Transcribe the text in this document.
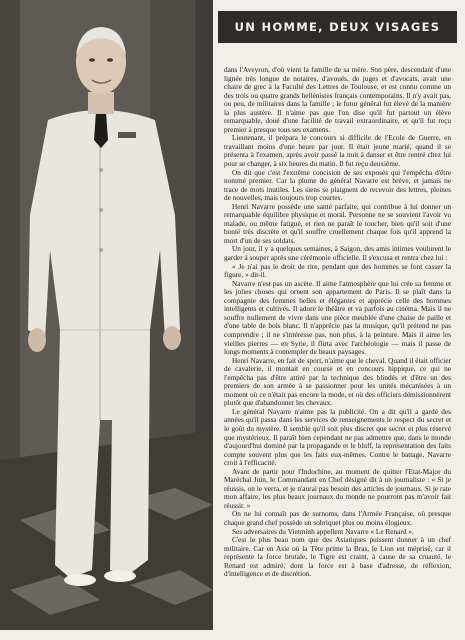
UN HOMME, DEUX VISAGES

dans l'Aveyron, d'où vient la famille de sa mère. Son père, descendant d'une lignée très longue de notaires, d'avoués, de juges et d'avocats, avait une chaire de grec à la Faculté des Lettres de Toulouse, et est connu comme un des trois ou quatre grands hellénistes français contemporains. Il n'y avait pas, ou peu, de militaires dans la famille ; le futur général fut élevé de la manière la plus austère. Il n'aime pas que l'on dise qu'il fut partout un élève remarquable, doué d'une facilité de travail extraordinaire, et qu'il fut reçu premier à presque tous ses examens.

Lieutenant, il prépara le concours si difficile de l'Ecole de Guerre, en travaillant moins d'une heure par jour. Il était jeune marié, quand il se présenta à l'examen, après avoir passé la nuit à danser et être rentré chez lui pour se changer, à six heures du matin. Il fut reçu deuxième.

On dit que c'est l'extrême concision de ses exposés qui l'empêcha d'être nommé premier. Car la plume du général Navarre est brève, et jamais ne trace de mots inutiles. Les siens se plaignent de recevoir des lettres, pleines de nouvelles, mais toujours trop courtes.

Henri Navarre possède une santé parfaite, qui contribue à lui donner un remarquable équilibre physique et moral. Personne ne se souvient l'avoir vu malade, ou même fatigué, et rien ne paraît le toucher, bien qu'il soit d'une bonté très discrète et qu'il souffre cruellement chaque fois qu'il apprend la mort d'un de ses soldats.

Un jour, il y a quelques semaines, à Saigon, des amis intimes voulurent le garder à souper après une cérémonie officielle. Il s'excusa et rentra chez lui :

« Je n'ai pas le droit de rire, pendant que des hommes se font casser la figure, » dit-il.

Navarre n'est pas un ascète. Il aime l'atmosphère que lui crée sa femme et les jolies choses qui ornent son appartement de Paris. Il se plaît dans la compagnie des femmes belles et élégantes et apprécie celle des hommes intelligents et cultivés. Il adore le théâtre et va parfois au cinéma. Mais il ne souffre nullement de vivre dans une pièce meublée d'une chaise de paille et d'une table de bois blanc. Il n'apprécie pas la musique, qu'il prétend ne pas comprendre ; il ne s'intéresse pas, non plus, à la peinture. Mais il aime les vieilles pierres — en Syrie, il flirta avec l'archéologie — mais il passe de longs moments à contempler de beaux paysages.

Henri Navarre, en fait de sport, n'aime que le cheval. Quand il était officier de cavalerie, il montait en course et en concours hippique, ce qui ne l'empêcha pas d'être attiré par la technique des blindés et d'être un des premiers de son armée à se passionner pour les unités mécanisées à un moment où ce n'était pas encore la mode, et où des officiers démissionnèrent plutôt que d'abandonner les chevaux.

Le général Navarre n'aime pas la publicité. On a dit qu'il a gardé des années qu'il passa dans les services de renseignements le respect du secret et le goût du mystère. Il semble qu'il soit plus discret que secret et plus réservé que mystérieux. Il paraît bien cependant ne pas admettre que, dans le monde d'aujourd'hui dominé par la propagande et le bluff, la représentation des faits compte souvent plus que les faits eux-mêmes. Contre le battage, Navarre croit à l'efficacité.

Avant de partir pour l'Indochine, au moment de quitter l'Etat-Major du Maréchal Juin, le Commandant en Chef désigné dit à un journaliste : « Si je réussis, on le verra, et je n'aurai pas besoin des articles de journaux. Si je rate mon affaire, les plus beaux journaux du monde ne pourront pas m'avoir fait réussir. »

On ne lui connaît pas de surnoms, dans l'Armée Française, où presque chaque grand chef possède un sobriquet plus ou moins élogieux.

Ses adversaires du Vietminh appellent Navarre « Le Renard ».

C'est le plus beau nom que des Asiatiques puissent donner à un chef militaire. Car en Asie où la Tête prime la Bras, le Lion est méprisé, car il représente la force brutale, le Tigre est craint, à cause de sa cruauté, le Renard est admiré, dont la force est à base d'adresse, de réflexion, d'intelligence et de discrétion.
